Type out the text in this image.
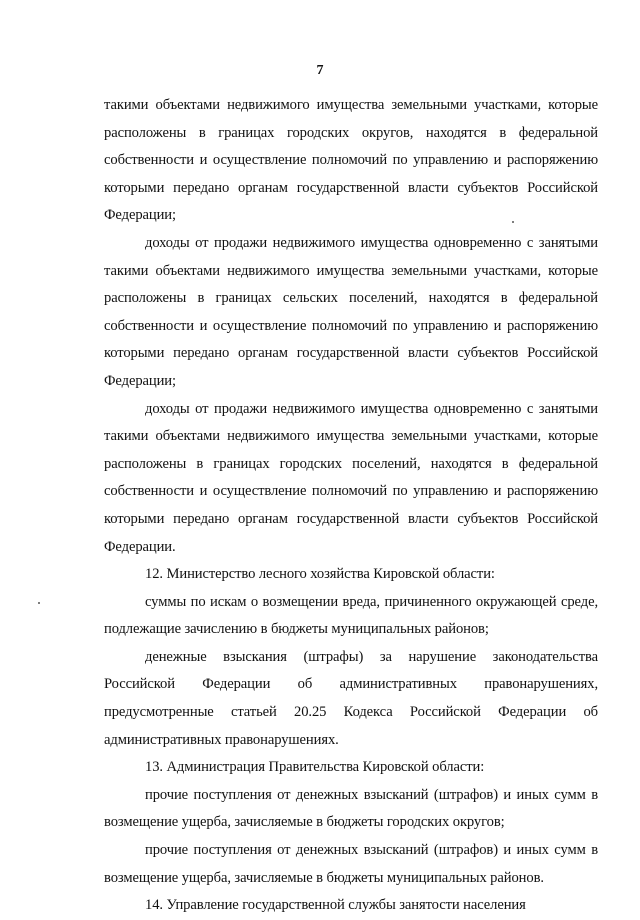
7

такими объектами недвижимого имущества земельными участками, которые расположены в границах городских округов, находятся в федеральной собственности и осуществление полномочий по управлению и распоряжению которыми передано органам государственной власти субъектов Российской Федерации;

доходы от продажи недвижимого имущества одновременно с занятыми такими объектами недвижимого имущества земельными участками, которые расположены в границах сельских поселений, находятся в федеральной собственности и осуществление полномочий по управлению и распоряжению которыми передано органам государственной власти субъектов Российской Федерации;

доходы от продажи недвижимого имущества одновременно с занятыми такими объектами недвижимого имущества земельными участками, которые расположены в границах городских поселений, находятся в федеральной собственности и осуществление полномочий по управлению и распоряжению которыми передано органам государственной власти субъектов Российской Федерации.

12. Министерство лесного хозяйства Кировской области:

суммы по искам о возмещении вреда, причиненного окружающей среде, подлежащие зачислению в бюджеты муниципальных районов;

денежные взыскания (штрафы) за нарушение законодательства Российской Федерации об административных правонарушениях, предусмотренные статьей 20.25 Кодекса Российской Федерации об административных правонарушениях.

13. Администрация Правительства Кировской области:

прочие поступления от денежных взысканий (штрафов) и иных сумм в возмещение ущерба, зачисляемые в бюджеты городских округов;

прочие поступления от денежных взысканий (штрафов) и иных сумм в возмещение ущерба, зачисляемые в бюджеты муниципальных районов.

14. Управление государственной службы занятости населения
